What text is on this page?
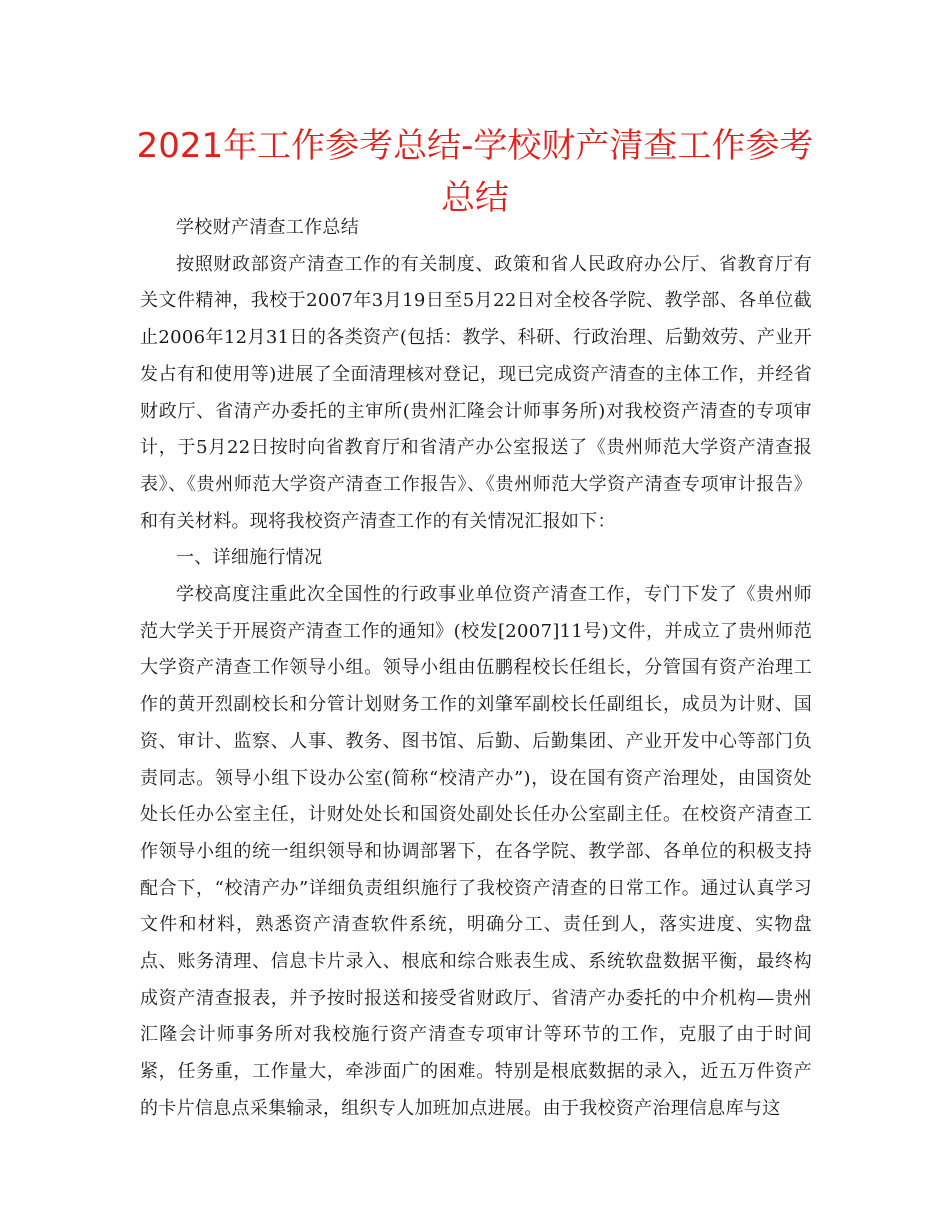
2021年工作参考总结-学校财产清查工作参考总结

学校财产清查工作总结

按照财政部资产清查工作的有关制度、政策和省人民政府办公厅、省教育厅有关文件精神，我校于2007年3月19日至5月22日对全校各学院、教学部、各单位截止2006年12月31日的各类资产(包括：教学、科研、行政治理、后勤效劳、产业开发占有和使用等)进展了全面清理核对登记，现已完成资产清查的主体工作，并经省财政厅、省清产办委托的主审所(贵州汇隆会计师事务所)对我校资产清查的专项审计，于5月22日按时向省教育厅和省清产办公室报送了《贵州师范大学资产清查报表》、《贵州师范大学资产清查工作报告》、《贵州师范大学资产清查专项审计报告》和有关材料。现将我校资产清查工作的有关情况汇报如下：

一、详细施行情况

学校高度注重此次全国性的行政事业单位资产清查工作，专门下发了《贵州师范大学关于开展资产清查工作的通知》(校发[2007]11号)文件，并成立了贵州师范大学资产清查工作领导小组。领导小组由伍鹏程校长任组长，分管国有资产治理工作的黄开烈副校长和分管计划财务工作的刘肇军副校长任副组长，成员为计财、国资、审计、监察、人事、教务、图书馆、后勤、后勤集团、产业开发中心等部门负责同志。领导小组下设办公室(简称“校清产办”)，设在国有资产治理处，由国资处处长任办公室主任，计财处处长和国资处副处长任办公室副主任。在校资产清查工作领导小组的统一组织领导和协调部署下，在各学院、教学部、各单位的积极支持配合下，“校清产办”详细负责组织施行了我校资产清查的日常工作。通过认真学习文件和材料，熟悉资产清查软件系统，明确分工、责任到人，落实进度、实物盘点、账务清理、信息卡片录入、根底和综合账表生成、系统软盘数据平衡，最终构成资产清查报表，并予按时报送和接受省财政厅、省清产办委托的中介机构—贵州汇隆会计师事务所对我校施行资产清查专项审计等环节的工作，克服了由于时间紧，任务重，工作量大，牵涉面广的困难。特别是根底数据的录入，近五万件资产的卡片信息点采集输录，组织专人加班加点进展。由于我校资产治理信息库与这
